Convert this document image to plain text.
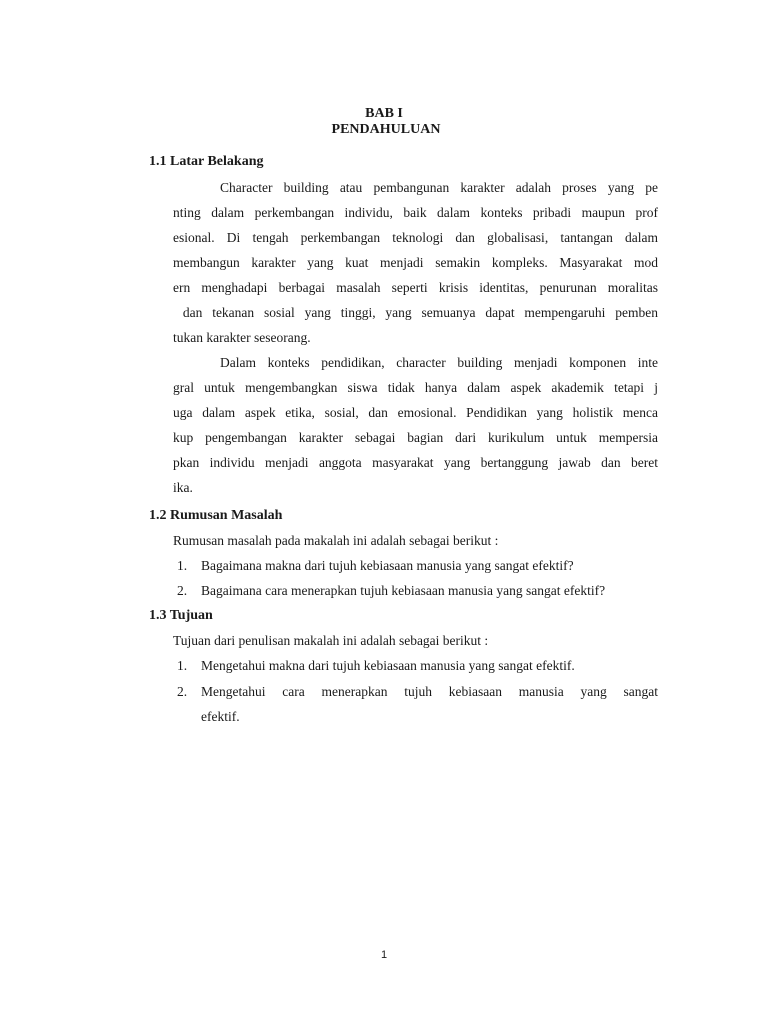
BAB I

PENDAHULUAN

1.1 Latar Belakang

Character building atau pembangunan karakter adalah proses yang pe

nting dalam perkembangan individu, baik dalam konteks pribadi maupun prof

esional. Di tengah perkembangan teknologi dan globalisasi, tantangan dalam

membangun karakter yang kuat menjadi semakin kompleks. Masyarakat mod

ern menghadapi berbagai masalah seperti krisis identitas, penurunan moralitas

dan tekanan sosial yang tinggi, yang semuanya dapat mempengaruhi pemben

tukan karakter seseorang.

Dalam konteks pendidikan, character building menjadi komponen inte

gral untuk mengembangkan siswa tidak hanya dalam aspek akademik tetapi j

uga dalam aspek etika, sosial, dan emosional. Pendidikan yang holistik menca

kup pengembangan karakter sebagai bagian dari kurikulum untuk mempersia

pkan individu menjadi anggota masyarakat yang bertanggung jawab dan beret

ika.

1.2 Rumusan Masalah

Rumusan masalah pada makalah ini adalah sebagai berikut :

1. Bagaimana makna dari tujuh kebiasaan manusia yang sangat efektif?
2. Bagaimana cara menerapkan tujuh kebiasaan manusia yang sangat efektif?

1.3 Tujuan

Tujuan dari penulisan makalah ini adalah sebagai berikut :

1. Mengetahui makna dari tujuh kebiasaan manusia yang sangat efektif.
2. Mengetahui cara menerapkan tujuh kebiasaan manusia yang sangat
efektif.

1
